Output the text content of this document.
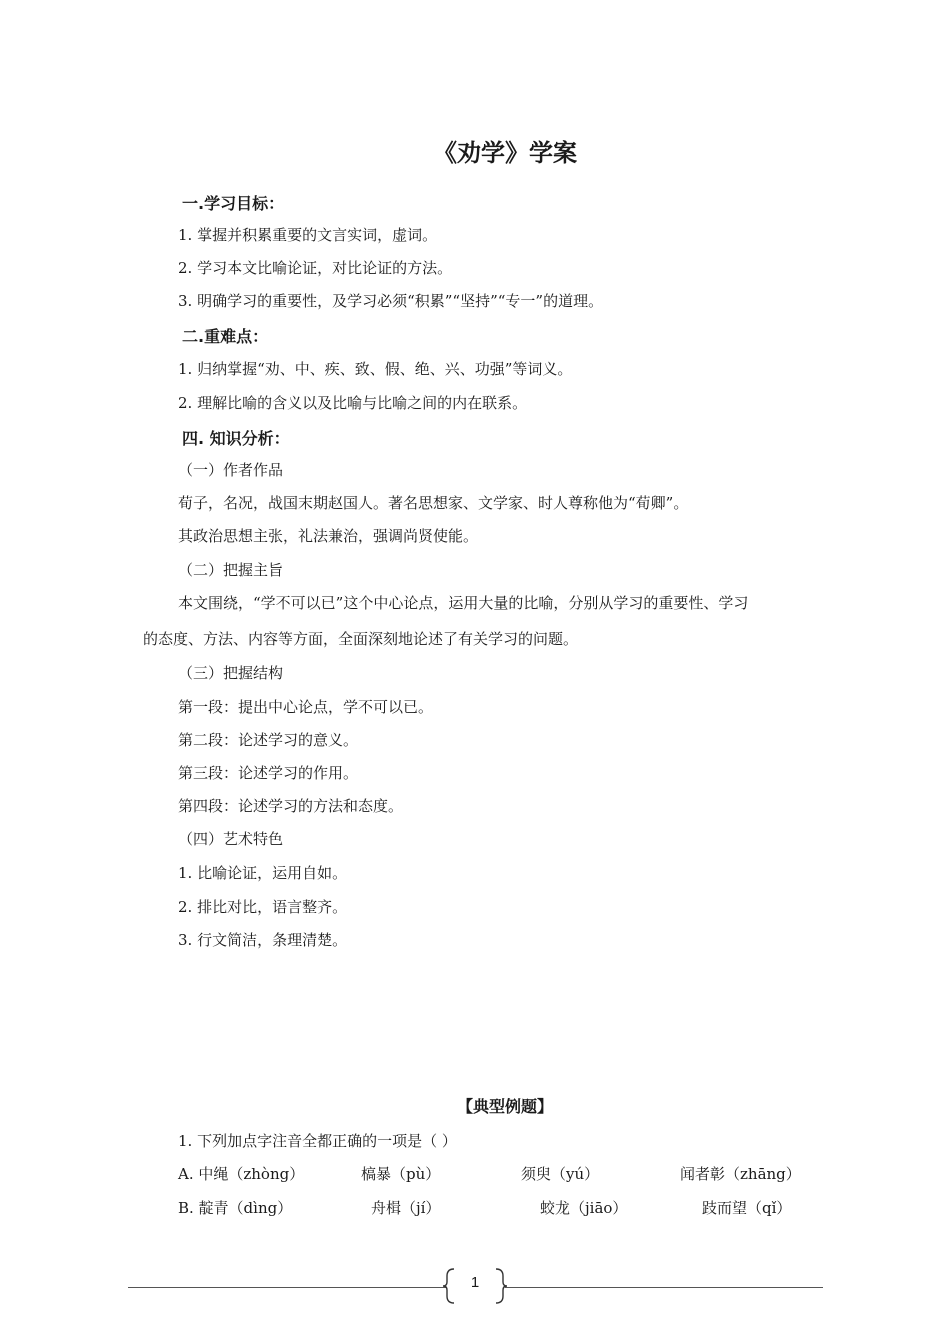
《劝学》学案
一.学习目标：
1. 掌握并积累重要的文言实词，虚词。
2. 学习本文比喻论证，对比论证的方法。
3. 明确学习的重要性，及学习必须“积累”“坚持”“专一”的道理。
二.重难点：
1. 归纳掌握“劝、中、疾、致、假、绝、兴、功强”等词义。
2. 理解比喻的含义以及比喻与比喻之间的内在联系。
四. 知识分析：
（一）作者作品
荀子，名况，战国末期赵国人。著名思想家、文学家、时人尊称他为“荀卿”。
其政治思想主张，礼法兼治，强调尚贤使能。
（二）把握主旨
本文围绕，“学不可以已”这个中心论点，运用大量的比喻，分别从学习的重要性、学习
的态度、方法、内容等方面，全面深刻地论述了有关学习的问题。
（三）把握结构
第一段：提出中心论点，学不可以已。
第二段：论述学习的意义。
第三段：论述学习的作用。
第四段：论述学习的方法和态度。
（四）艺术特色
1. 比喻论证，运用自如。
2. 排比对比，语言整齐。
3. 行文简洁，条理清楚。
【典型例题】
1. 下列加点字注音全都正确的一项是（ ）
A. 中绳（zhòng）	槁暴（pù）	须臾（yú）	闻者彰（zhāng）
B. 靛青（dìng）	舟楫（jí）	蛟龙（jiāo）	跂而望（qǐ）
1
